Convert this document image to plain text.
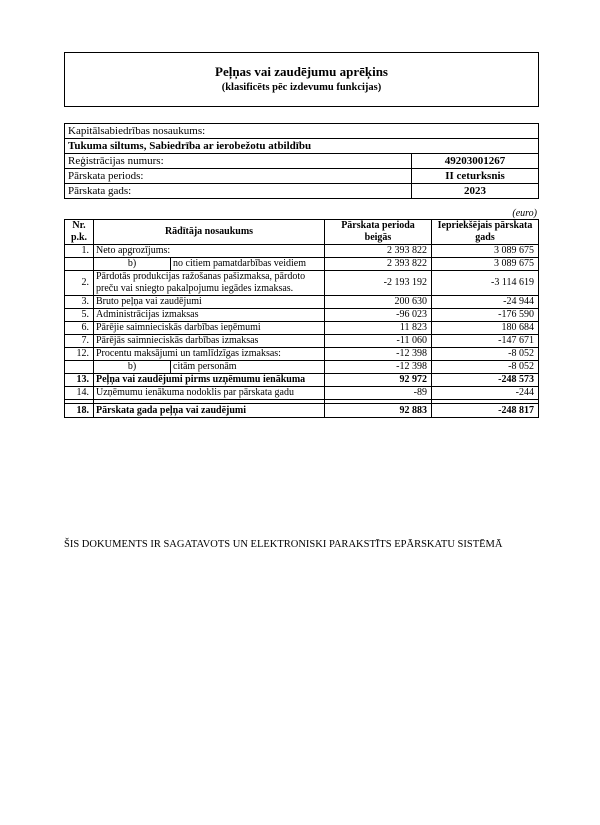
Peļņas vai zaudējumu aprēķins
(klasificēts pēc izdevumu funkcijas)
Kapitālsabiedrības nosaukums:	
Tukuma siltums, Sabiedrība ar ierobežotu atbildību	
Reģistrācijas numurs:	49203001267
Pārskata periods:	II ceturksnis
Pārskata gads:	2023
(euro)
Nr. p.k.	Rādītāja nosaukums		Pārskata perioda beigās	Iepriekšējais pārskata gads
1.	Neto apgrozījums:		2 393 822	3 089 675
	b)	no citiem pamatdarbības veidiem	2 393 822	3 089 675
2.	Pārdotās produkcijas ražošanas pašizmaksa, pārdoto preču vai sniegto pakalpojumu iegādes izmaksas.		-2 193 192	-3 114 619
3.	Bruto peļņa vai zaudējumi		200 630	-24 944
5.	Administrācijas izmaksas		-96 023	-176 590
6.	Pārējie saimnieciskās darbības ieņēmumi		11 823	180 684
7.	Pārējās saimnieciskās darbības izmaksas		-11 060	-147 671
12.	Procentu maksājumi un tamlīdzīgas izmaksas:		-12 398	-8 052
	b)	citām personām	-12 398	-8 052
13.	Peļņa vai zaudējumi pirms uzņēmumu ienākuma		92 972	-248 573
14.	Uzņēmumu ienākuma nodoklis par pārskata gadu		-89	-244

18.	Pārskata gada peļņa vai zaudējumi		92 883	-248 817
ŠIS DOKUMENTS IR SAGATAVOTS UN ELEKTRONISKI PARAKSTĪTS EPĀRSKATU SISTĒMĀ
